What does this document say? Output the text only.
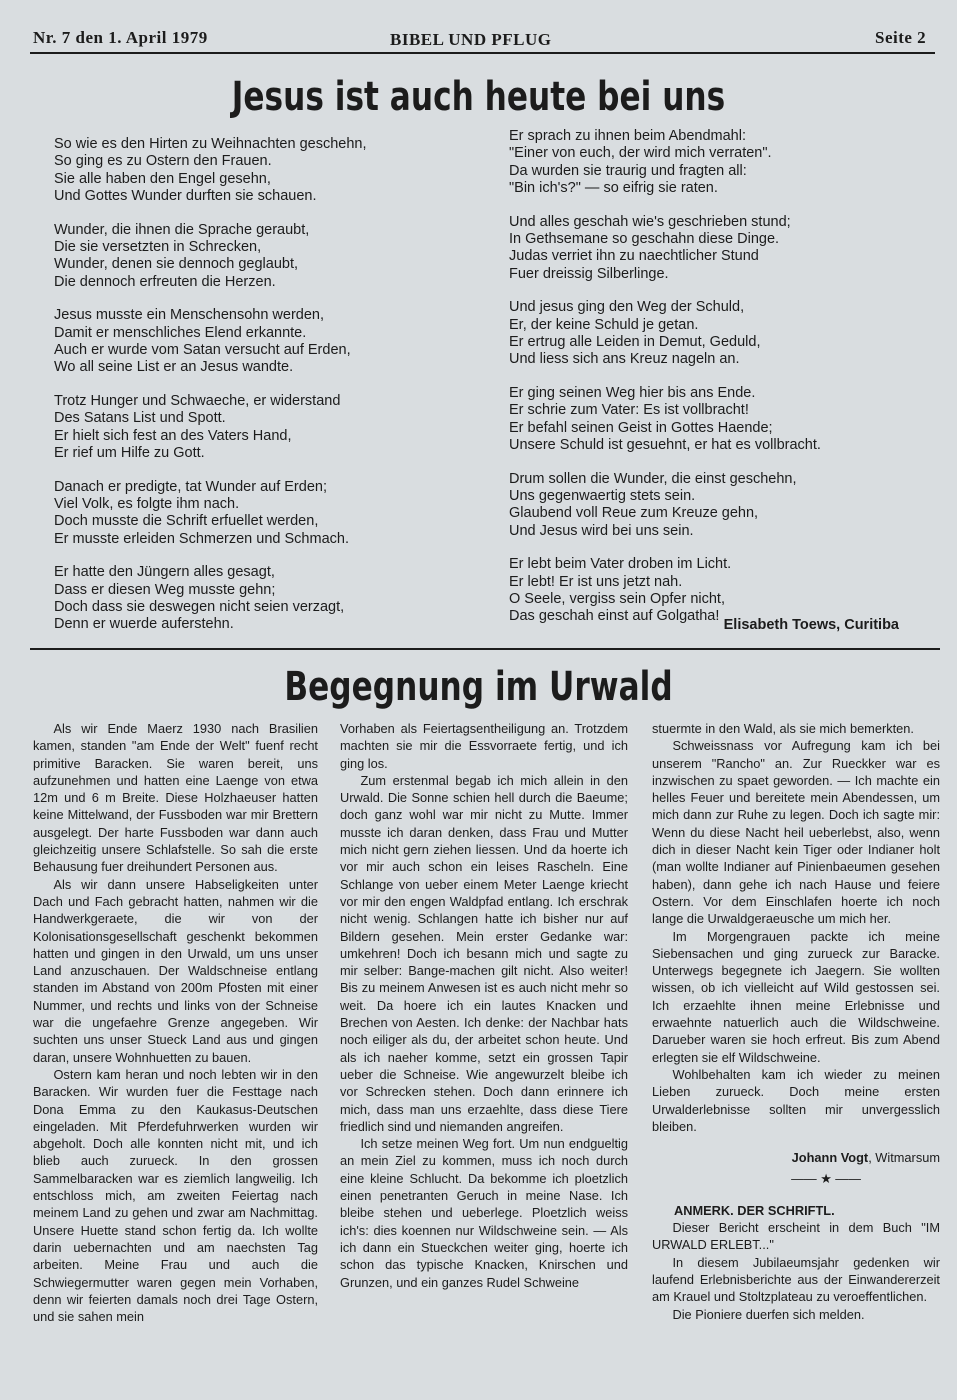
Nr. 7 den 1. April 1979	BIBEL UND PFLUG	Seite 2
Jesus ist auch heute bei uns
So wie es den Hirten zu Weihnachten geschehn,
So ging es zu Ostern den Frauen.
Sie alle haben den Engel gesehn,
Und Gottes Wunder durften sie schauen.
Wunder, die ihnen die Sprache geraubt,
Die sie versetzten in Schrecken,
Wunder, denen sie dennoch geglaubt,
Die dennoch erfreuten die Herzen.
Jesus musste ein Menschensohn werden,
Damit er menschliches Elend erkannte.
Auch er wurde vom Satan versucht auf Erden,
Wo all seine List er an Jesus wandte.
Trotz Hunger und Schwaeche, er widerstand
Des Satans List und Spott.
Er hielt sich fest an des Vaters Hand,
Er rief um Hilfe zu Gott.
Danach er predigte, tat Wunder auf Erden;
Viel Volk, es folgte ihm nach.
Doch musste die Schrift erfuellet werden,
Er musste erleiden Schmerzen und Schmach.
Er hatte den Jüngern alles gesagt,
Dass er diesen Weg musste gehn;
Doch dass sie deswegen nicht seien verzagt,
Denn er wuerde auferstehn.
Er sprach zu ihnen beim Abendmahl:
"Einer von euch, der wird mich verraten".
Da wurden sie traurig und fragten all:
"Bin ich's?" — so eifrig sie raten.
Und alles geschah wie's geschrieben stund;
In Gethsemane so geschahn diese Dinge.
Judas verriet ihn zu naechtlicher Stund
Fuer dreissig Silberlinge.
Und jesus ging den Weg der Schuld,
Er, der keine Schuld je getan.
Er ertrug alle Leiden in Demut, Geduld,
Und liess sich ans Kreuz nageln an.
Er ging seinen Weg hier bis ans Ende.
Er schrie zum Vater: Es ist vollbracht!
Er befahl seinen Geist in Gottes Haende;
Unsere Schuld ist gesuehnt, er hat es vollbracht.
Drum sollen die Wunder, die einst geschehn,
Uns gegenwaertig stets sein.
Glaubend voll Reue zum Kreuze gehn,
Und Jesus wird bei uns sein.
Er lebt beim Vater droben im Licht.
Er lebt! Er ist uns jetzt nah.
O Seele, vergiss sein Opfer nicht,
Das geschah einst auf Golgatha!
Elisabeth Toews, Curitiba
Begegnung im Urwald

Als wir Ende Maerz 1930 nach Brasilien kamen, standen "am Ende der Welt" fuenf recht primitive Baracken. Sie waren bereit, uns aufzunehmen und hatten eine Laenge von etwa 12m und 6 m Breite. Diese Holzhaeuser hatten keine Mittelwand, der Fussboden war mir Brettern ausgelegt. Der harte Fussboden war dann auch gleichzeitig unsere Schlafstelle. So sah die erste Behausung fuer dreihundert Personen aus.

Als wir dann unsere Habseligkeiten unter Dach und Fach gebracht hatten, nahmen wir die Handwerkgeraete, die wir von der Kolonisationsgesellschaft geschenkt bekommen hatten und gingen in den Urwald, um uns unser Land anzuschauen. Der Waldschneise entlang standen im Abstand von 200m Pfosten mit einer Nummer, und rechts und links von der Schneise war die ungefaehre Grenze angegeben. Wir suchten uns unser Stueck Land aus und gingen daran, unsere Wohnhuetten zu bauen.

Ostern kam heran und noch lebten wir in den Baracken. Wir wurden fuer die Festtage nach Dona Emma zu den Kaukasus-Deutschen eingeladen. Mit Pferdefuhrwerken wurden wir abgeholt. Doch alle konnten nicht mit, und ich blieb auch zurueck. In den grossen Sammelbaracken war es ziemlich langweilig. Ich entschloss mich, am zweiten Feiertag nach meinem Land zu gehen und zwar am Nachmittag. Unsere Huette stand schon fertig da. Ich wollte darin uebernachten und am naechsten Tag arbeiten. Meine Frau und auch die Schwiegermutter waren gegen mein Vorhaben, denn wir feierten damals noch drei Tage Ostern, und sie sahen mein

Vorhaben als Feiertagsentheiligung an. Trotzdem machten sie mir die Essvorraete fertig, und ich ging los.

Zum erstenmal begab ich mich allein in den Urwald. Die Sonne schien hell durch die Baeume; doch ganz wohl war mir nicht zu Mutte. Immer musste ich daran denken, dass Frau und Mutter mich nicht gern ziehen liessen. Und da hoerte ich vor mir auch schon ein leises Rascheln. Eine Schlange von ueber einem Meter Laenge kriecht vor mir den engen Waldpfad entlang. Ich erschrak nicht wenig. Schlangen hatte ich bisher nur auf Bildern gesehen. Mein erster Gedanke war: umkehren! Doch ich besann mich und sagte zu mir selber: Bange-machen gilt nicht. Also weiter! Bis zu meinem Anwesen ist es auch nicht mehr so weit. Da hoere ich ein lautes Knacken und Brechen von Aesten. Ich denke: der Nachbar hats noch eiliger als du, der arbeitet schon heute. Und als ich naeher komme, setzt ein grossen Tapir ueber die Schneise. Wie angewurzelt bleibe ich vor Schrecken stehen. Doch dann erinnere ich mich, dass man uns erzaehlte, dass diese Tiere friedlich sind und niemanden angreifen.

Ich setze meinen Weg fort. Um nun endgueltig an mein Ziel zu kommen, muss ich noch durch eine kleine Schlucht. Da bekomme ich ploetzlich einen penetranten Geruch in meine Nase. Ich bleibe stehen und ueberlege. Ploetzlich weiss ich's: dies koennen nur Wildschweine sein. — Als ich dann ein Stueckchen weiter ging, hoerte ich schon das typische Knacken, Knirschen und Grunzen, und ein ganzes Rudel Schweine

stuermte in den Wald, als sie mich bemerkten.

Schweissnass vor Aufregung kam ich bei unserem "Rancho" an. Zur Rueckker war es inzwischen zu spaet geworden. — Ich machte ein helles Feuer und bereitete mein Abendessen, um mich dann zur Ruhe zu legen. Doch ich sagte mir: Wenn du diese Nacht heil ueberlebst, also, wenn dich in dieser Nacht kein Tiger oder Indianer holt (man wollte Indianer auf Pinienbaeumen gesehen haben), dann gehe ich nach Hause und feiere Ostern. Vor dem Einschlafen hoerte ich noch lange die Urwaldgeraeusche um mich her.

Im Morgengrauen packte ich meine Siebensachen und ging zurueck zur Baracke. Unterwegs begegnete ich Jaegern. Sie wollten wissen, ob ich vielleicht auf Wild gestossen sei. Ich erzaehlte ihnen meine Erlebnisse und erwaehnte natuerlich auch die Wildschweine. Darueber waren sie hoch erfreut. Bis zum Abend erlegten sie elf Wildschweine.

Wohlbehalten kam ich wieder zu meinen Lieben zurueck. Doch meine ersten Urwalderlebnisse sollten mir unvergesslich bleiben.

Johann Vogt, Witmarsum
—— ★ ——
ANMERK. DER SCHRIFTL.

Dieser Bericht erscheint in dem Buch "IM URWALD ERLEBT..."

In diesem Jubilaeumsjahr gedenken wir laufend Erlebnisberichte aus der Einwandererzeit am Krauel und Stoltzplateau zu veroeffentlichen.

Die Pioniere duerfen sich melden.
